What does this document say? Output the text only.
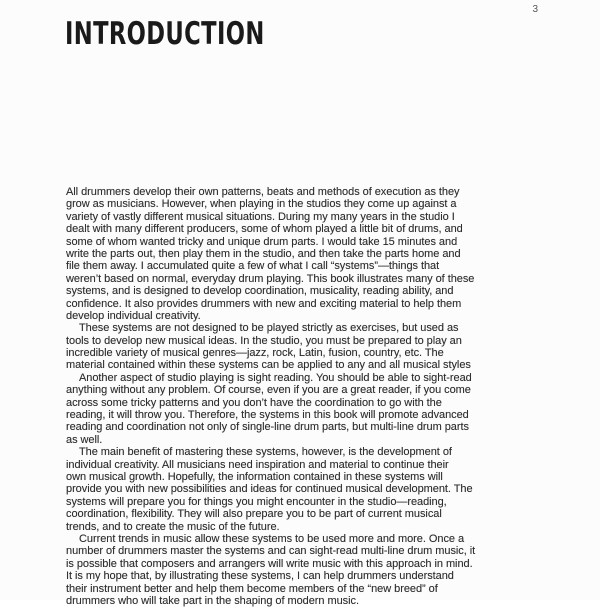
3
INTRODUCTION
All drummers develop their own patterns, beats and methods of execution as they
grow as musicians. However, when playing in the studios they come up against a
variety of vastly different musical situations. During my many years in the studio I
dealt with many different producers, some of whom played a little bit of drums, and
some of whom wanted tricky and unique drum parts. I would take 15 minutes and
write the parts out, then play them in the studio, and then take the parts home and
file them away. I accumulated quite a few of what I call “systems”—things that
weren’t based on normal, everyday drum playing. This book illustrates many of these
systems, and is designed to develop coordination, musicality, reading ability, and
confidence. It also provides drummers with new and exciting material to help them
develop individual creativity.
These systems are not designed to be played strictly as exercises, but used as
tools to develop new musical ideas. In the studio, you must be prepared to play an
incredible variety of musical genres—jazz, rock, Latin, fusion, country, etc. The
material contained within these systems can be applied to any and all musical styles
Another aspect of studio playing is sight reading. You should be able to sight-read
anything without any problem. Of course, even if you are a great reader, if you come
across some tricky patterns and you don’t have the coordination to go with the
reading, it will throw you. Therefore, the systems in this book will promote advanced
reading and coordination not only of single-line drum parts, but multi-line drum parts
as well.
The main benefit of mastering these systems, however, is the development of
individual creativity. All musicians need inspiration and material to continue their
own musical growth. Hopefully, the information contained in these systems will
provide you with new possibilities and ideas for continued musical development. The
systems will prepare you for things you might encounter in the studio—reading,
coordination, flexibility. They will also prepare you to be part of current musical
trends, and to create the music of the future.
Current trends in music allow these systems to be used more and more. Once a
number of drummers master the systems and can sight-read multi-line drum music, it
is possible that composers and arrangers will write music with this approach in mind.
It is my hope that, by illustrating these systems, I can help drummers understand
their instrument better and help them become members of the “new breed” of
drummers who will take part in the shaping of modern music.
